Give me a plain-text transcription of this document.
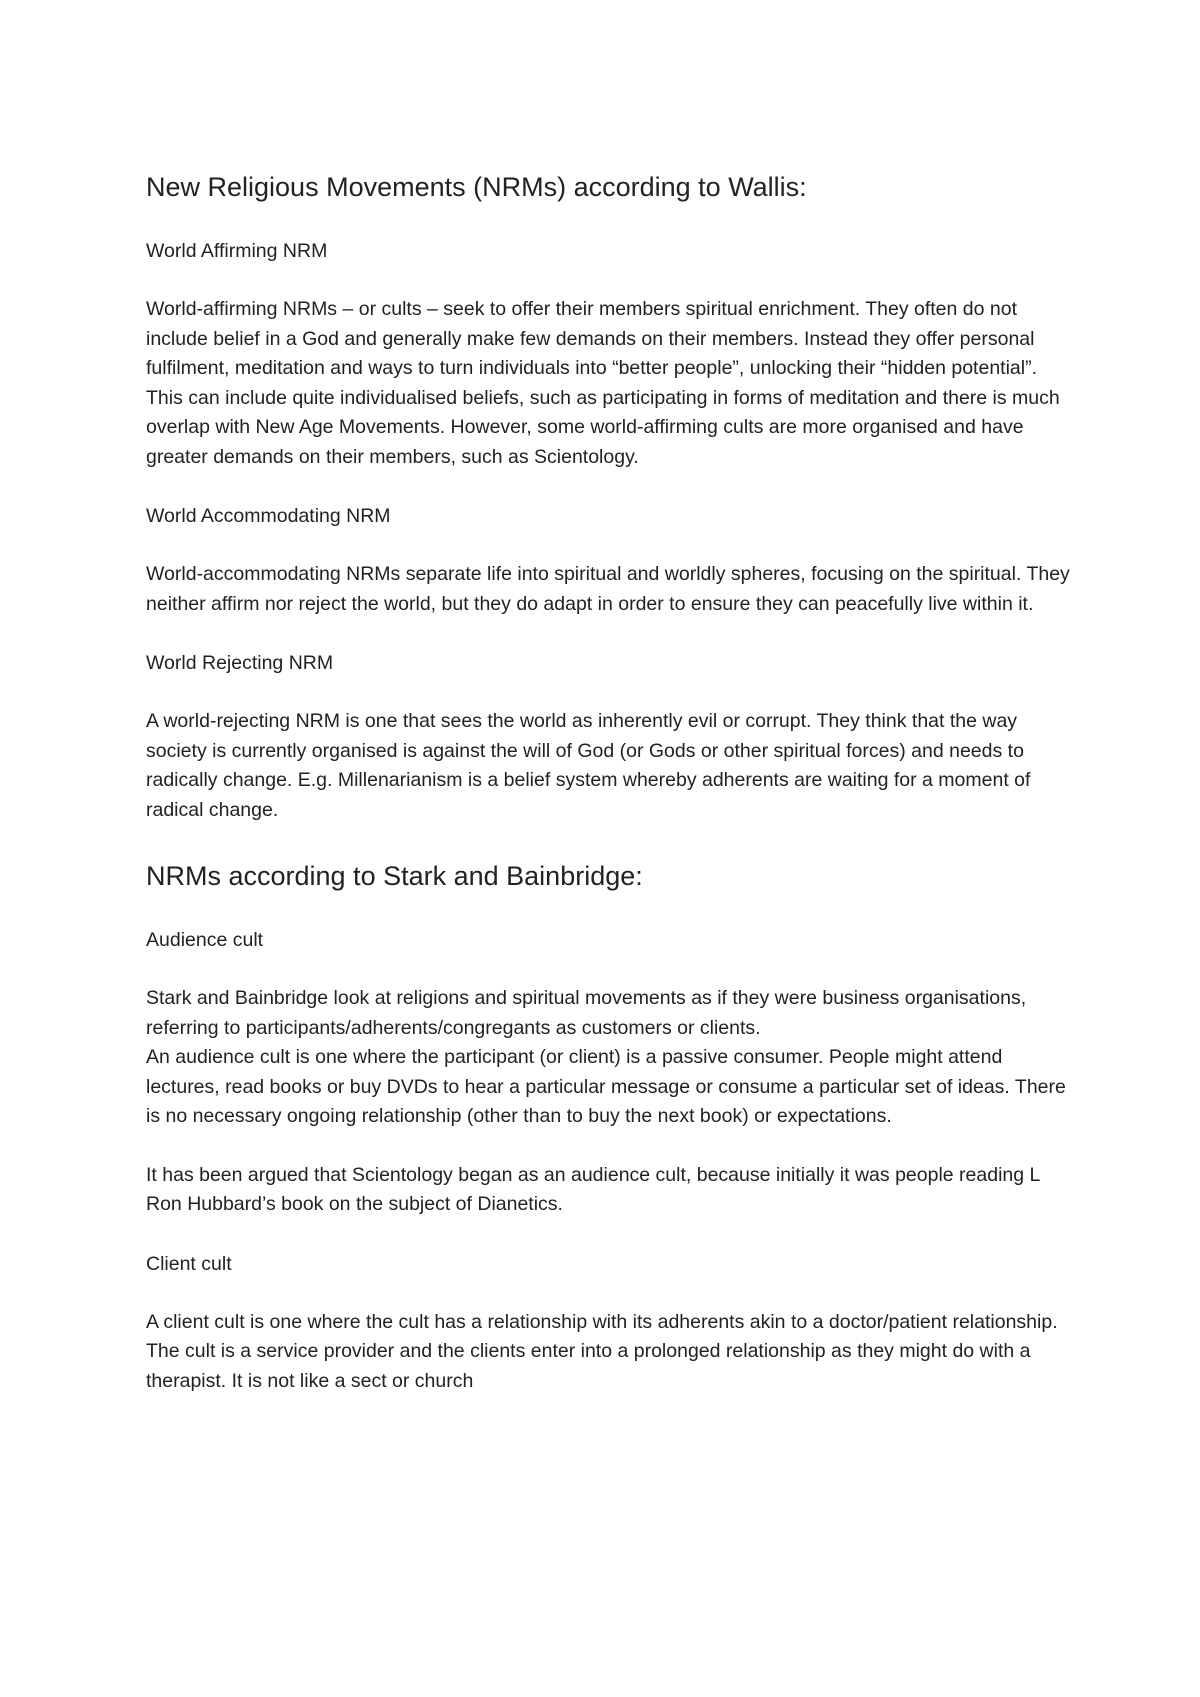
New Religious Movements (NRMs) according to Wallis:

World Affirming NRM

World-affirming NRMs – or cults – seek to offer their members spiritual enrichment. They often do not include belief in a God and generally make few demands on their members. Instead they offer personal fulfilment, meditation and ways to turn individuals into “better people”, unlocking their “hidden potential”. This can include quite individualised beliefs, such as participating in forms of meditation and there is much overlap with New Age Movements. However, some world-affirming cults are more organised and have greater demands on their members, such as Scientology.

World Accommodating NRM

World-accommodating NRMs separate life into spiritual and worldly spheres, focusing on the spiritual. They neither affirm nor reject the world, but they do adapt in order to ensure they can peacefully live within it.

World Rejecting NRM

A world-rejecting NRM is one that sees the world as inherently evil or corrupt. They think that the way society is currently organised is against the will of God (or Gods or other spiritual forces) and needs to radically change. E.g. Millenarianism is a belief system whereby adherents are waiting for a moment of radical change.

NRMs according to Stark and Bainbridge:

Audience cult

Stark and Bainbridge look at religions and spiritual movements as if they were business organisations, referring to participants/adherents/congregants as customers or clients.

An audience cult is one where the participant (or client) is a passive consumer. People might attend lectures, read books or buy DVDs to hear a particular message or consume a particular set of ideas. There is no necessary ongoing relationship (other than to buy the next book) or expectations.

It has been argued that Scientology began as an audience cult, because initially it was people reading L Ron Hubbard’s book on the subject of Dianetics.

Client cult

A client cult is one where the cult has a relationship with its adherents akin to a doctor/patient relationship. The cult is a service provider and the clients enter into a prolonged relationship as they might do with a therapist. It is not like a sect or church
